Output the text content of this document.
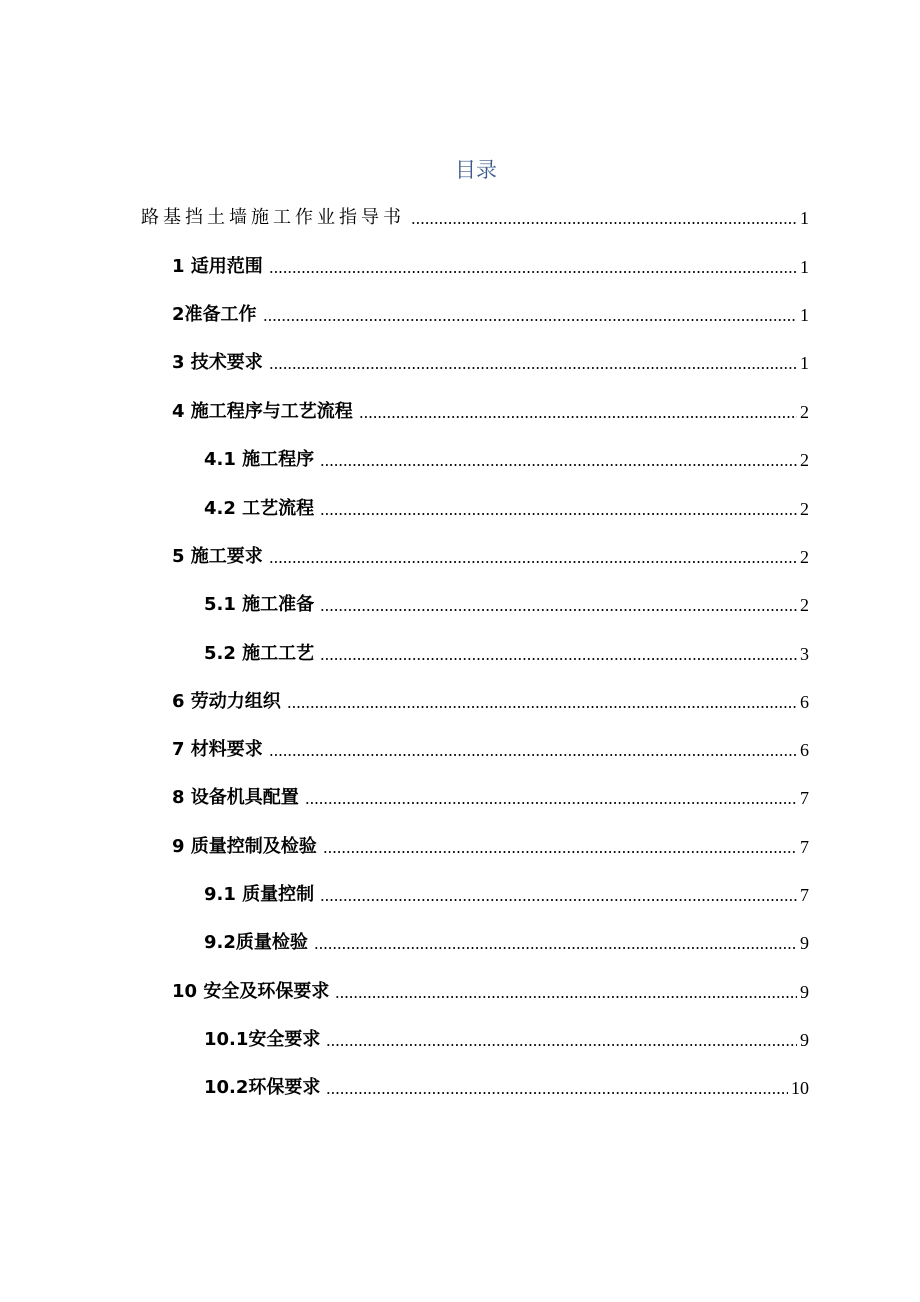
目录
路基挡土墙施工作业指导书	1
1 适用范围	1
2准备工作	1
3 技术要求	1
4 施工程序与工艺流程	2
4.1 施工程序	2
4.2 工艺流程	2
5 施工要求	2
5.1 施工准备	2
5.2 施工工艺	3
6 劳动力组织	6
7 材料要求	6
8 设备机具配置	7
9 质量控制及检验	7
9.1 质量控制	7
9.2质量检验	9
10 安全及环保要求	9
10.1安全要求	9
10.2环保要求	10
